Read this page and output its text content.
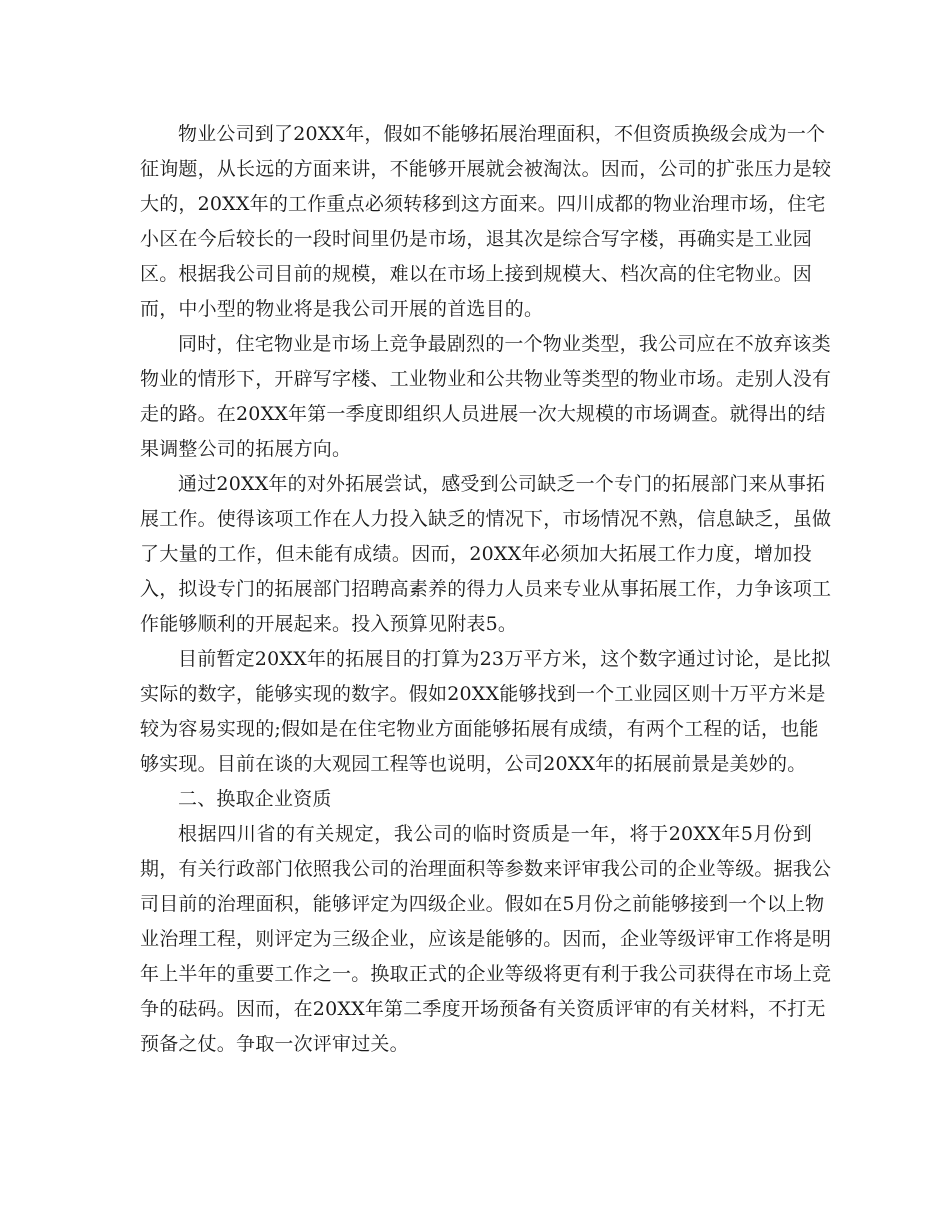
物业公司到了20XX年，假如不能够拓展治理面积，不但资质换级会成为一个
征询题，从长远的方面来讲，不能够开展就会被淘汰。因而，公司的扩张压力是较
大的，20XX年的工作重点必须转移到这方面来。四川成都的物业治理市场，住宅
小区在今后较长的一段时间里仍是市场，退其次是综合写字楼，再确实是工业园
区。根据我公司目前的规模，难以在市场上接到规模大、档次高的住宅物业。因
而，中小型的物业将是我公司开展的首选目的。
同时，住宅物业是市场上竞争最剧烈的一个物业类型，我公司应在不放弃该类
物业的情形下，开辟写字楼、工业物业和公共物业等类型的物业市场。走别人没有
走的路。在20XX年第一季度即组织人员进展一次大规模的市场调查。就得出的结
果调整公司的拓展方向。
通过20XX年的对外拓展尝试，感受到公司缺乏一个专门的拓展部门来从事拓
展工作。使得该项工作在人力投入缺乏的情况下，市场情况不熟，信息缺乏，虽做
了大量的工作，但未能有成绩。因而，20XX年必须加大拓展工作力度，增加投
入，拟设专门的拓展部门招聘高素养的得力人员来专业从事拓展工作，力争该项工
作能够顺利的开展起来。投入预算见附表5。
目前暂定20XX年的拓展目的打算为23万平方米，这个数字通过讨论，是比拟
实际的数字，能够实现的数字。假如20XX能够找到一个工业园区则十万平方米是
较为容易实现的;假如是在住宅物业方面能够拓展有成绩，有两个工程的话，也能
够实现。目前在谈的大观园工程等也说明，公司20XX年的拓展前景是美妙的。
二、换取企业资质
根据四川省的有关规定，我公司的临时资质是一年，将于20XX年5月份到
期，有关行政部门依照我公司的治理面积等参数来评审我公司的企业等级。据我公
司目前的治理面积，能够评定为四级企业。假如在5月份之前能够接到一个以上物
业治理工程，则评定为三级企业，应该是能够的。因而，企业等级评审工作将是明
年上半年的重要工作之一。换取正式的企业等级将更有利于我公司获得在市场上竞
争的砝码。因而，在20XX年第二季度开场预备有关资质评审的有关材料，不打无
预备之仗。争取一次评审过关。
